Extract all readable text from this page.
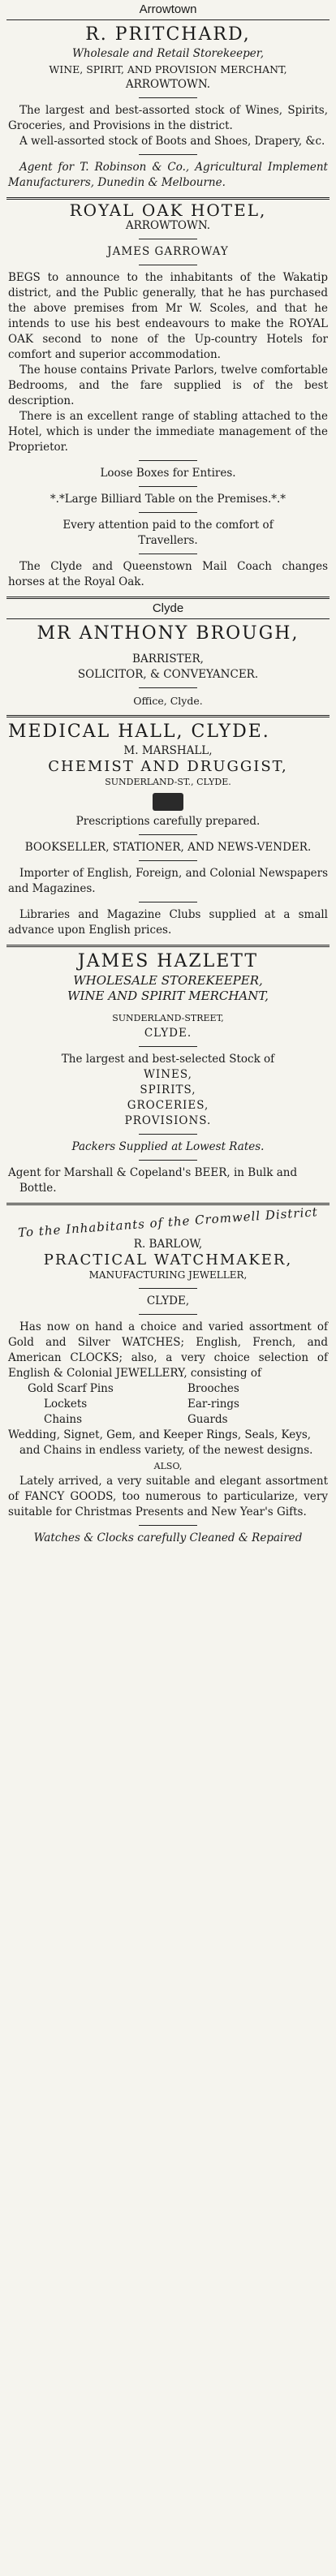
Arrowtown
R. PRITCHARD,
Wholesale and Retail Storekeeper,
WINE, SPIRIT, AND PROVISION MERCHANT,
ARROWTOWN.
The largest and best-assorted stock of Wines, Spirits, Groceries, and Provisions in the district.
A well-assorted stock of Boots and Shoes, Drapery, &c.
Agent for T. Robinson & Co., Agricultural Implement Manufacturers, Dunedin & Melbourne.
ROYAL OAK HOTEL,
ARROWTOWN.
JAMES GARROWAY
BEGS to announce to the inhabitants of the Wakatip district, and the Public generally, that he has purchased the above premises from Mr W. Scoles, and that he intends to use his best endeavours to make the ROYAL OAK second to none of the Up-country Hotels for comfort and superior accommodation.
The house contains Private Parlors, twelve comfortable Bedrooms, and the fare supplied is of the best description.
There is an excellent range of stabling attached to the Hotel, which is under the immediate management of the Proprietor.
Loose Boxes for Entires.
*.*Large Billiard Table on the Premises.*.*
Every attention paid to the comfort of Travellers.
The Clyde and Queenstown Mail Coach changes horses at the Royal Oak.
Clyde
MR ANTHONY BROUGH,
BARRISTER,
SOLICITOR, & CONVEYANCER.
Office, Clyde.
MEDICAL HALL, CLYDE.
M. MARSHALL,
CHEMIST AND DRUGGIST,
SUNDERLAND-ST., CLYDE.
Prescriptions carefully prepared.
BOOKSELLER, STATIONER, AND NEWS-VENDER.
Importer of English, Foreign, and Colonial Newspapers and Magazines.
Libraries and Magazine Clubs supplied at a small advance upon English prices.
JAMES HAZLETT
WHOLESALE STOREKEEPER,
WINE AND SPIRIT MERCHANT,
SUNDERLAND-STREET,
CLYDE.
The largest and best-selected Stock of
WINES,
SPIRITS,
GROCERIES,
PROVISIONS.
Packers Supplied at Lowest Rates.
Agent for Marshall & Copeland's BEER, in Bulk and Bottle.
To the Inhabitants of the Cromwell District
R. BARLOW,
PRACTICAL WATCHMAKER,
MANUFACTURING JEWELLER,
CLYDE,
Has now on hand a choice and varied assortment of Gold and Silver WATCHES; English, French, and American CLOCKS; also, a very choice selection of English & Colonial JEWELLERY, consisting of
Gold Scarf Pins
Lockets
Chains
Brooches
Ear-rings
Guards
Wedding, Signet, Gem, and Keeper Rings, Seals, Keys, and Chains in endless variety, of the newest designs.
ALSO,
Lately arrived, a very suitable and elegant assortment of FANCY GOODS, too numerous to particularize, very suitable for Christmas Presents and New Year's Gifts.
Watches & Clocks carefully Cleaned & Repaired
